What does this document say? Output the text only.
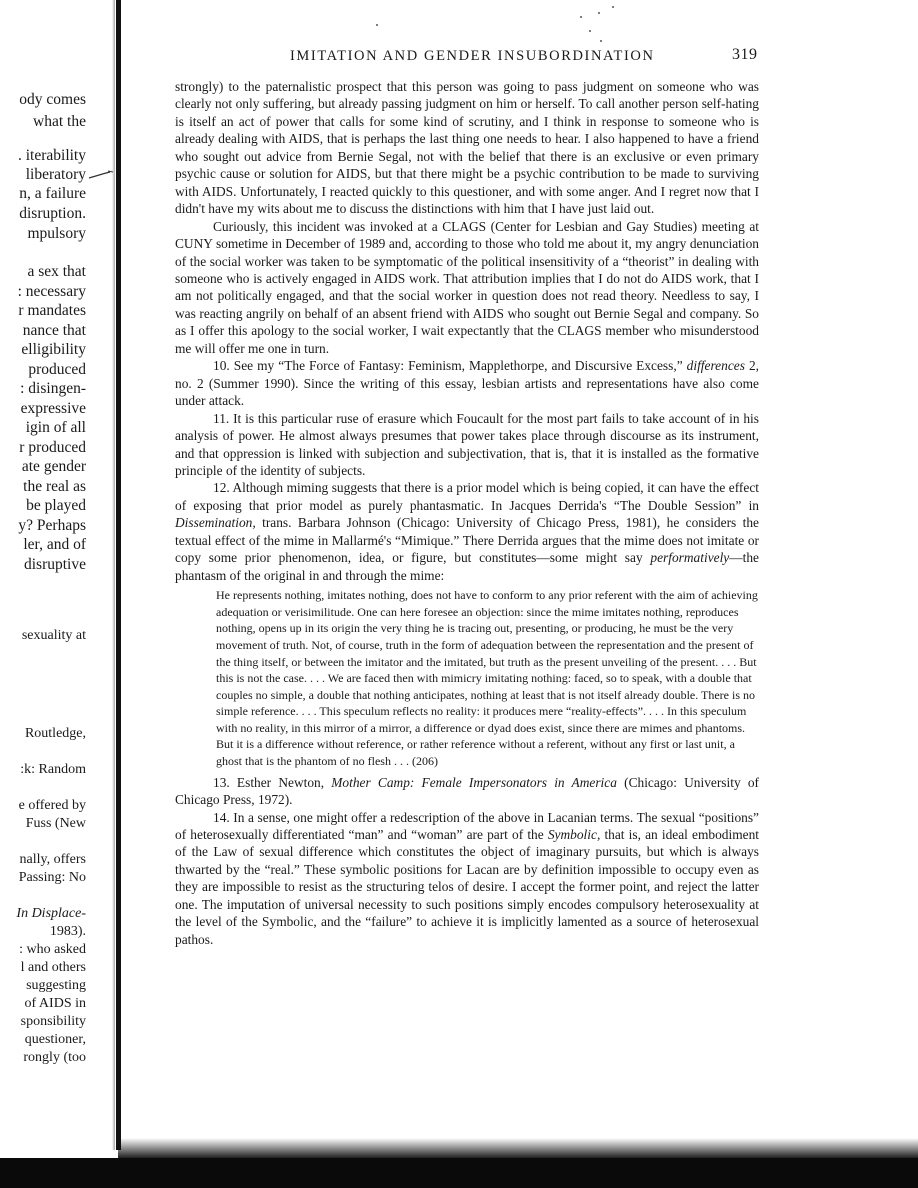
ody comes
what the
. iterability
liberatory
n, a failure
disruption.
mpulsory
a sex that
: necessary
r mandates
nance that
elligibility
produced
: disingen-
expressive
igin of all
r produced
ate gender
the real as
be played
y? Perhaps
ler, and of
disruptive
sexuality at
Routledge,
:k: Random
e offered by
Fuss (New
nally, offers
Passing: No
In Displace-
1983).
: who asked
l and others
suggesting
of AIDS in
sponsibility
questioner,
rongly (too
IMITATION AND GENDER INSUBORDINATION	319

strongly) to the paternalistic prospect that this person was going to pass judgment on someone who was clearly not only suffering, but already passing judgment on him or herself. To call another person self-hating is itself an act of power that calls for some kind of scrutiny, and I think in response to someone who is already dealing with AIDS, that is perhaps the last thing one needs to hear. I also happened to have a friend who sought out advice from Bernie Segal, not with the belief that there is an exclusive or even primary psychic cause or solution for AIDS, but that there might be a psychic contribution to be made to surviving with AIDS. Unfortunately, I reacted quickly to this questioner, and with some anger. And I regret now that I didn't have my wits about me to discuss the distinctions with him that I have just laid out.

Curiously, this incident was invoked at a CLAGS (Center for Lesbian and Gay Studies) meeting at CUNY sometime in December of 1989 and, according to those who told me about it, my angry denunciation of the social worker was taken to be symptomatic of the political insensitivity of a “theorist” in dealing with someone who is actively engaged in AIDS work. That attribution implies that I do not do AIDS work, that I am not politically engaged, and that the social worker in question does not read theory. Needless to say, I was reacting angrily on behalf of an absent friend with AIDS who sought out Bernie Segal and company. So as I offer this apology to the social worker, I wait expectantly that the CLAGS member who misunderstood me will offer me one in turn.

10. See my “The Force of Fantasy: Feminism, Mapplethorpe, and Discursive Excess,” differences 2, no. 2 (Summer 1990). Since the writing of this essay, lesbian artists and representations have also come under attack.

11. It is this particular ruse of erasure which Foucault for the most part fails to take account of in his analysis of power. He almost always presumes that power takes place through discourse as its instrument, and that oppression is linked with subjection and subjectivation, that is, that it is installed as the formative principle of the identity of subjects.

12. Although miming suggests that there is a prior model which is being copied, it can have the effect of exposing that prior model as purely phantasmatic. In Jacques Derrida's “The Double Session” in Dissemination, trans. Barbara Johnson (Chicago: University of Chicago Press, 1981), he considers the textual effect of the mime in Mallarmé's “Mimique.” There Derrida argues that the mime does not imitate or copy some prior phenomenon, idea, or figure, but constitutes—some might say performatively—the phantasm of the original in and through the mime:

He represents nothing, imitates nothing, does not have to conform to any prior referent with the aim of achieving adequation or verisimilitude. One can here foresee an objection: since the mime imitates nothing, reproduces nothing, opens up in its origin the very thing he is tracing out, presenting, or producing, he must be the very movement of truth. Not, of course, truth in the form of adequation between the representation and the present of the thing itself, or between the imitator and the imitated, but truth as the present unveiling of the present. . . . But this is not the case. . . . We are faced then with mimicry imitating nothing: faced, so to speak, with a double that couples no simple, a double that nothing anticipates, nothing at least that is not itself already double. There is no simple reference. . . . This speculum reflects no reality: it produces mere “reality-effects”. . . . In this speculum with no reality, in this mirror of a mirror, a difference or dyad does exist, since there are mimes and phantoms. But it is a difference without reference, or rather reference without a referent, without any first or last unit, a ghost that is the phantom of no flesh . . . (206)

13. Esther Newton, Mother Camp: Female Impersonators in America (Chicago: University of Chicago Press, 1972).

14. In a sense, one might offer a redescription of the above in Lacanian terms. The sexual “positions” of heterosexually differentiated “man” and “woman” are part of the Symbolic, that is, an ideal embodiment of the Law of sexual difference which constitutes the object of imaginary pursuits, but which is always thwarted by the “real.” These symbolic positions for Lacan are by definition impossible to occupy even as they are impossible to resist as the structuring telos of desire. I accept the former point, and reject the latter one. The imputation of universal necessity to such positions simply encodes compulsory heterosexuality at the level of the Symbolic, and the “failure” to achieve it is implicitly lamented as a source of heterosexual pathos.
